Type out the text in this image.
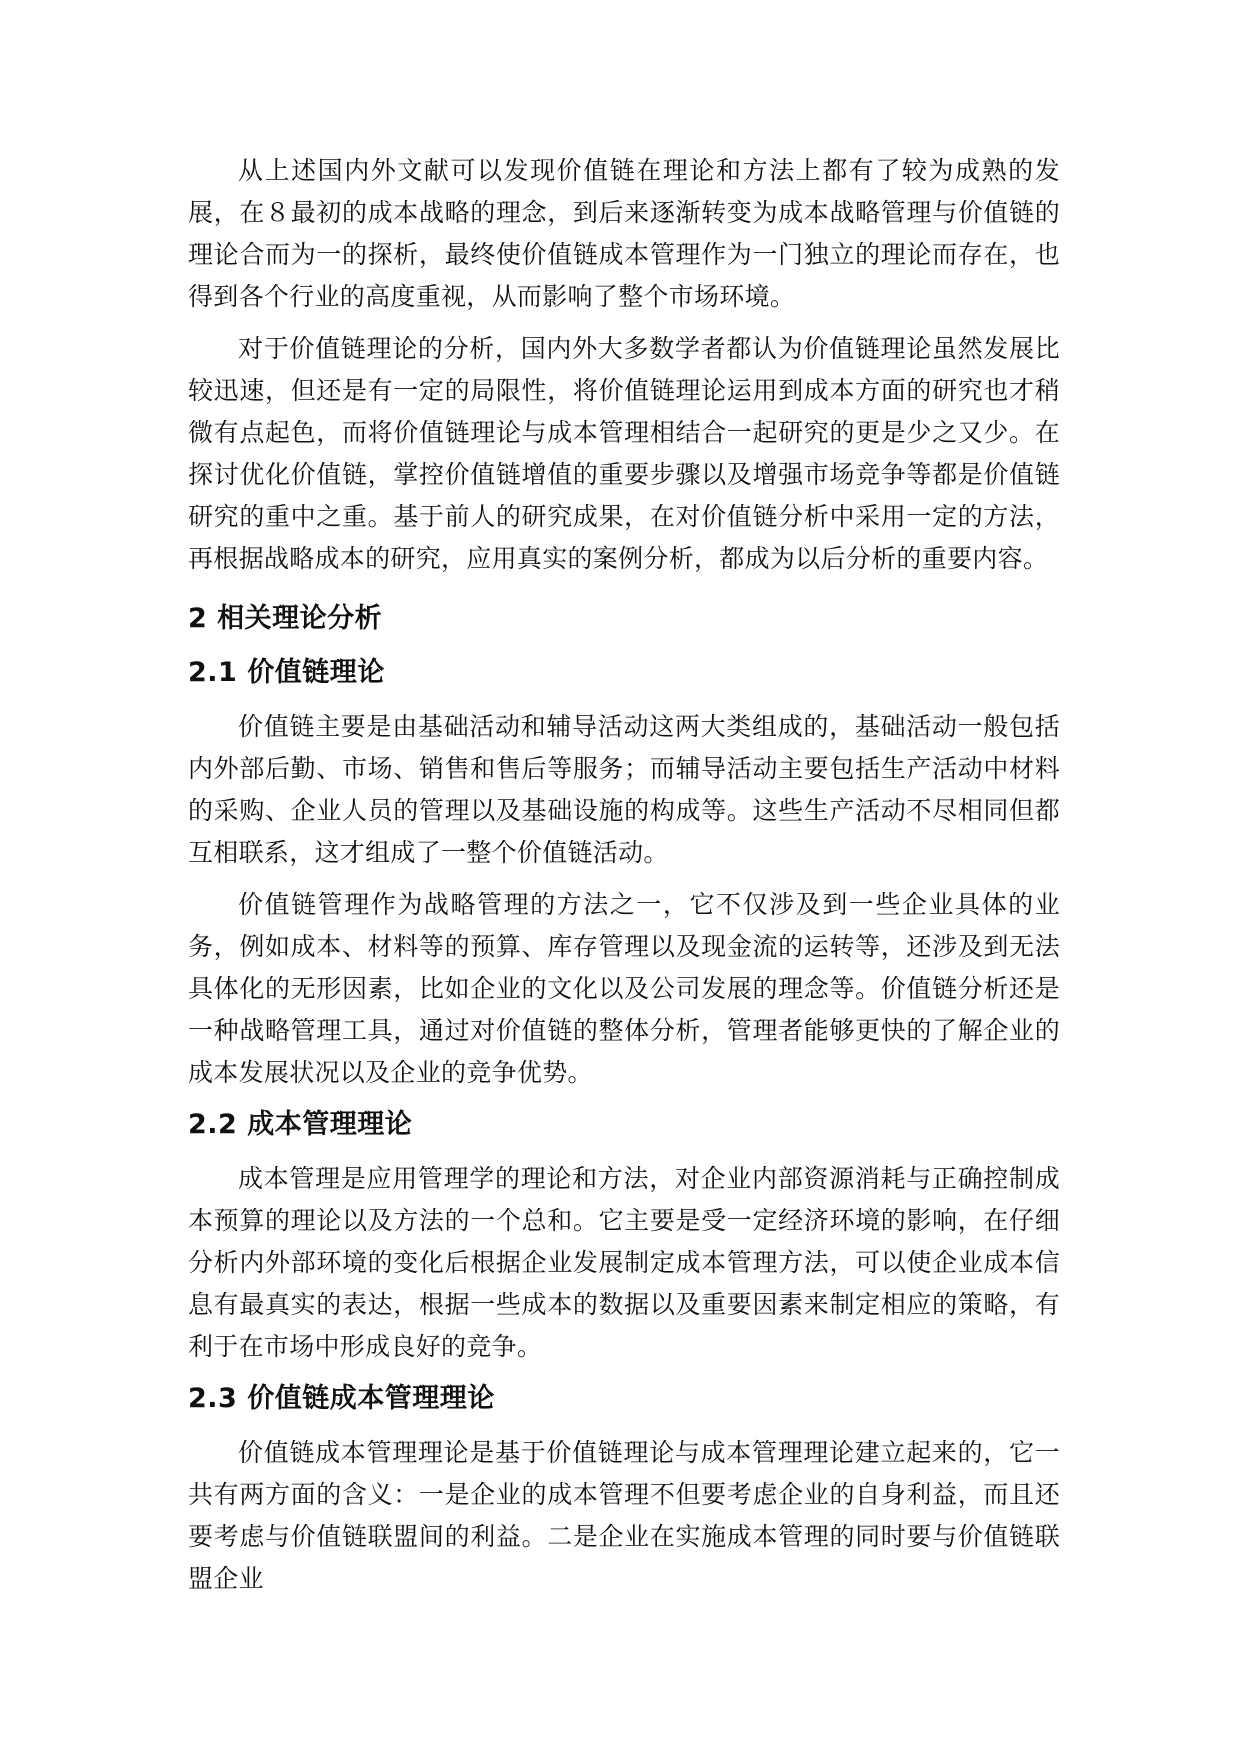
从上述国内外文献可以发现价值链在理论和方法上都有了较为成熟的发展，在８最初的成本战略的理念，到后来逐渐转变为成本战略管理与价值链的理论合而为一的探析，最终使价值链成本管理作为一门独立的理论而存在，也得到各个行业的高度重视，从而影响了整个市场环境。

对于价值链理论的分析，国内外大多数学者都认为价值链理论虽然发展比较迅速，但还是有一定的局限性，将价值链理论运用到成本方面的研究也才稍微有点起色，而将价值链理论与成本管理相结合一起研究的更是少之又少。在探讨优化价值链，掌控价值链增值的重要步骤以及增强市场竞争等都是价值链研究的重中之重。基于前人的研究成果，在对价值链分析中采用一定的方法，再根据战略成本的研究，应用真实的案例分析，都成为以后分析的重要内容。

2 相关理论分析
2.1 价值链理论

价值链主要是由基础活动和辅导活动这两大类组成的，基础活动一般包括内外部后勤、市场、销售和售后等服务；而辅导活动主要包括生产活动中材料的采购、企业人员的管理以及基础设施的构成等。这些生产活动不尽相同但都互相联系，这才组成了一整个价值链活动。

价值链管理作为战略管理的方法之一，它不仅涉及到一些企业具体的业务，例如成本、材料等的预算、库存管理以及现金流的运转等，还涉及到无法具体化的无形因素，比如企业的文化以及公司发展的理念等。价值链分析还是一种战略管理工具，通过对价值链的整体分析，管理者能够更快的了解企业的成本发展状况以及企业的竞争优势。

2.2 成本管理理论

成本管理是应用管理学的理论和方法，对企业内部资源消耗与正确控制成本预算的理论以及方法的一个总和。它主要是受一定经济环境的影响，在仔细分析内外部环境的变化后根据企业发展制定成本管理方法，可以使企业成本信息有最真实的表达，根据一些成本的数据以及重要因素来制定相应的策略，有利于在市场中形成良好的竞争。

2.3 价值链成本管理理论

价值链成本管理理论是基于价值链理论与成本管理理论建立起来的，它一共有两方面的含义：一是企业的成本管理不但要考虑企业的自身利益，而且还要考虑与价值链联盟间的利益。二是企业在实施成本管理的同时要与价值链联盟企业
